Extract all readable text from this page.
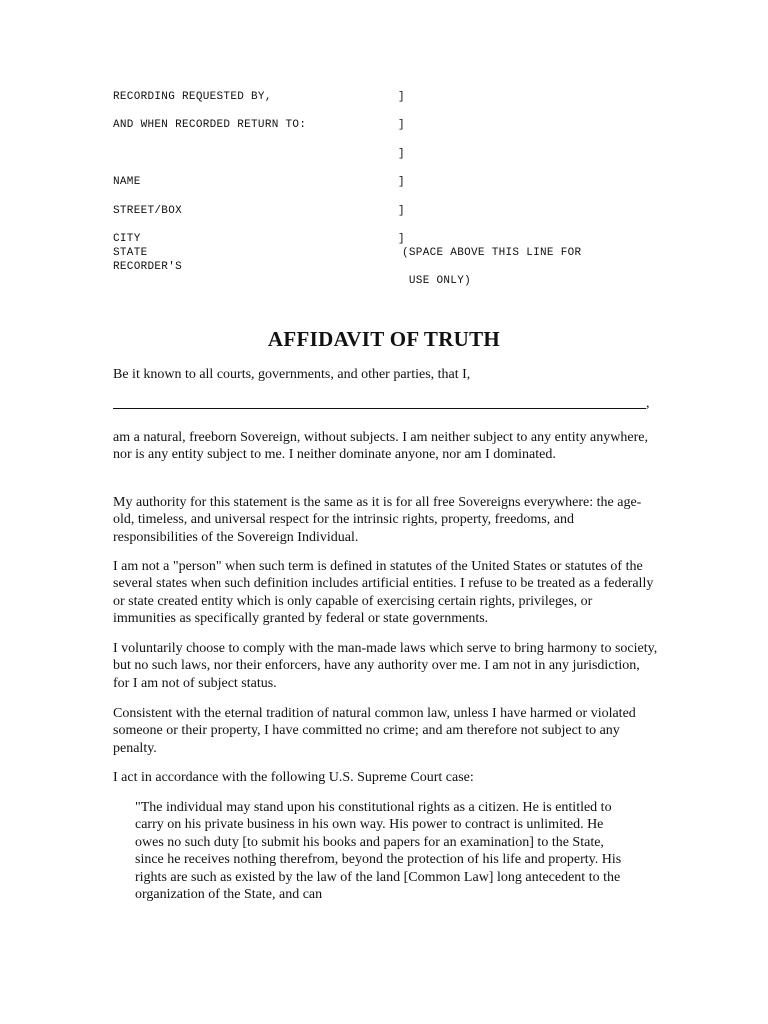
RECORDING REQUESTED BY,	]

AND WHEN RECORDED RETURN TO:	]

]

NAME	]

STREET/BOX	]

CITY	]

STATE	(SPACE ABOVE THIS LINE FOR

RECORDER'S

USE ONLY)

AFFIDAVIT OF TRUTH

Be it known to all courts, governments, and other parties, that I,

,

am a natural, freeborn Sovereign, without subjects. I am neither subject to any entity anywhere, nor is any entity subject to me. I neither dominate anyone, nor am I dominated.

My authority for this statement is the same as it is for all free Sovereigns everywhere: the age-old, timeless, and universal respect for the intrinsic rights, property, freedoms, and responsibilities of the Sovereign Individual.

I am not a "person" when such term is defined in statutes of the United States or statutes of the several states when such definition includes artificial entities. I refuse to be treated as a federally or state created entity which is only capable of exercising certain rights, privileges, or immunities as specifically granted by federal or state governments.

I voluntarily choose to comply with the man-made laws which serve to bring harmony to society, but no such laws, nor their enforcers, have any authority over me. I am not in any jurisdiction, for I am not of subject status.

Consistent with the eternal tradition of natural common law, unless I have harmed or violated someone or their property, I have committed no crime; and am therefore not subject to any penalty.

I act in accordance with the following U.S. Supreme Court case:

"The individual may stand upon his constitutional rights as a citizen. He is entitled to carry on his private business in his own way. His power to contract is unlimited. He owes no such duty [to submit his books and papers for an examination] to the State, since he receives nothing therefrom, beyond the protection of his life and property. His rights are such as existed by the law of the land [Common Law] long antecedent to the organization of the State, and can
